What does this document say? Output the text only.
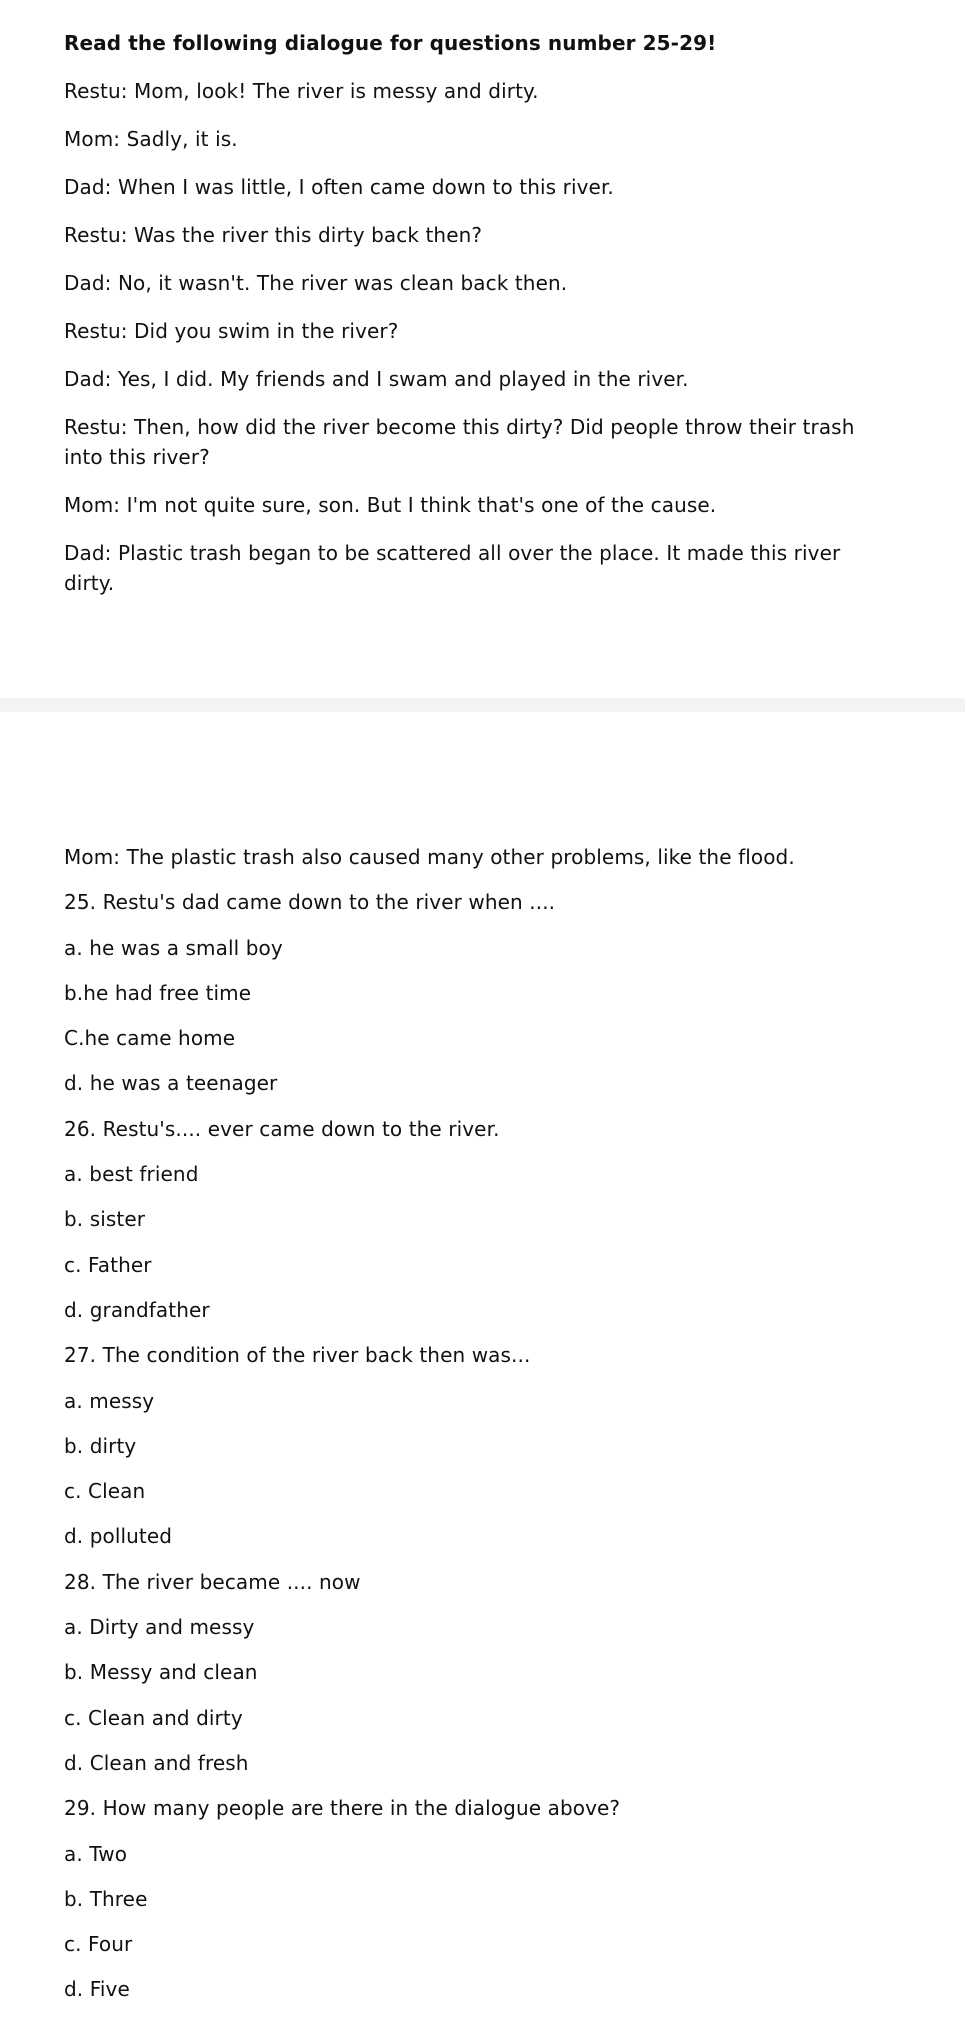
Read the following dialogue for questions number 25-29!

Restu: Mom, look! The river is messy and dirty.

Mom: Sadly, it is.

Dad: When I was little, I often came down to this river.

Restu: Was the river this dirty back then?

Dad: No, it wasn't. The river was clean back then.

Restu: Did you swim in the river?

Dad: Yes, I did. My friends and I swam and played in the river.

Restu: Then, how did the river become this dirty? Did people throw their trash into this river?

Mom: I'm not quite sure, son. But I think that's one of the cause.

Dad: Plastic trash began to be scattered all over the place. It made this river dirty.

Mom: The plastic trash also caused many other problems, like the flood.

25. Restu's dad came down to the river when ....

a. he was a small boy

b.he had free time

C.he came home

d. he was a teenager

26. Restu's.... ever came down to the river.

a. best friend

b. sister

c. Father

d. grandfather

27. The condition of the river back then was...

a. messy

b. dirty

c. Clean

d. polluted

28. The river became .... now

a. Dirty and messy

b. Messy and clean

c. Clean and dirty

d. Clean and fresh

29. How many people are there in the dialogue above?

a. Two

b. Three

c. Four

d. Five
